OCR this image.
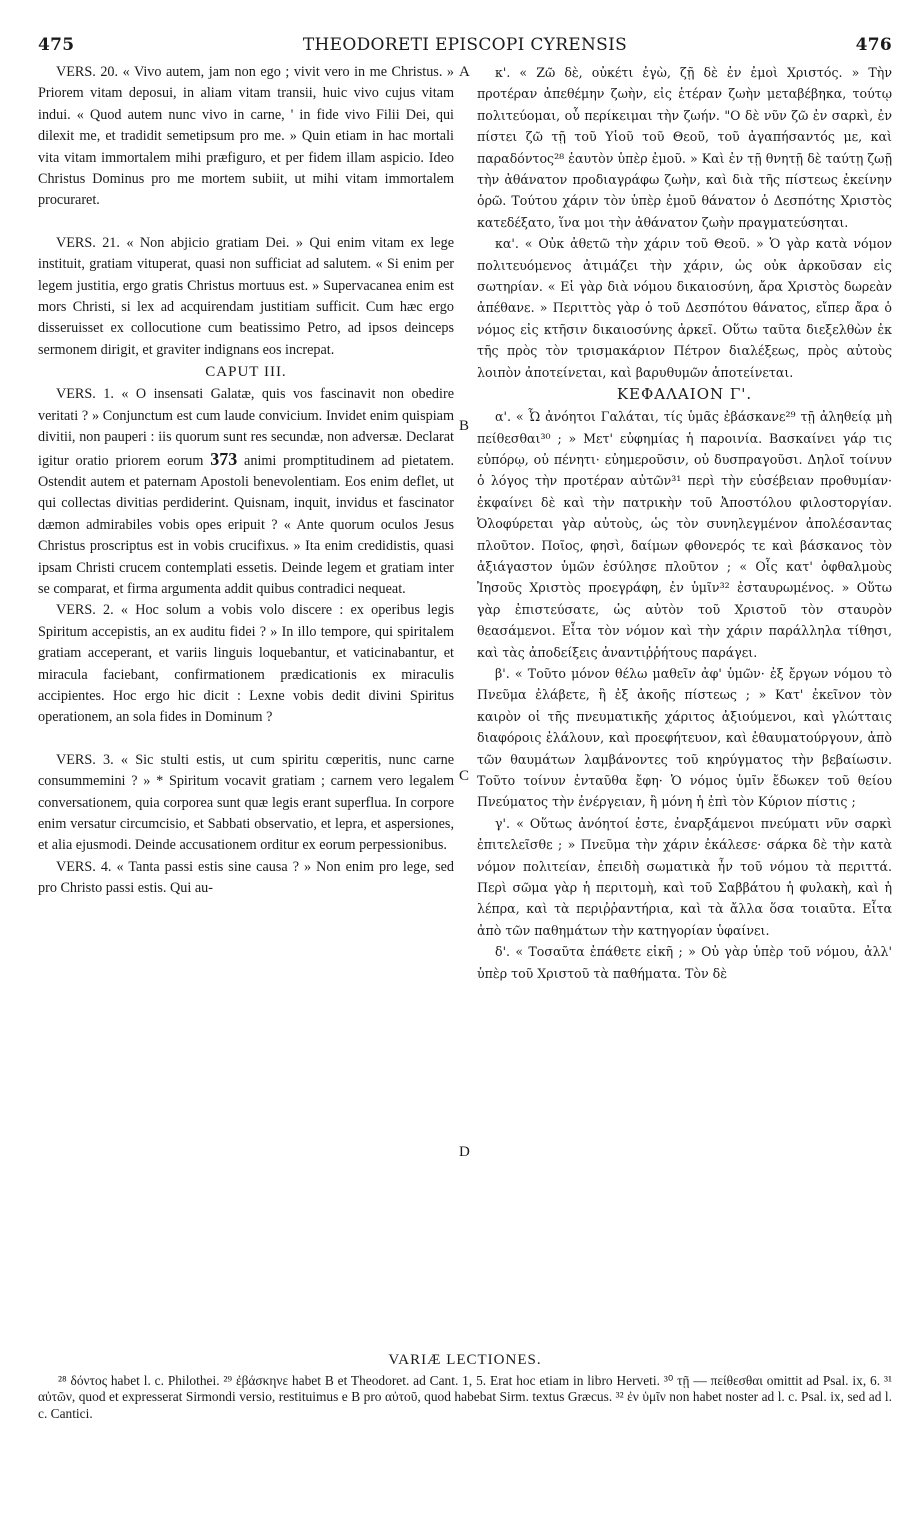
475	THEODORETI EPISCOPI CYRENSIS	476
A
B
C
D

VERS. 20. « Vivo autem, jam non ego ; vivit vero in me Christus. » Priorem vitam deposui, in aliam vitam transii, huic vivo cujus vitam indui. « Quod autem nunc vivo in carne, ' in fide vivo Filii Dei, qui dilexit me, et tradidit semetipsum pro me. » Quin etiam in hac mortali vita vitam immortalem mihi præfiguro, et per fidem illam aspicio. Ideo Christus Dominus pro me mortem subiit, ut mihi vitam immortalem procuraret.

VERS. 21. « Non abjicio gratiam Dei. » Qui enim vitam ex lege instituit, gratiam vituperat, quasi non sufficiat ad salutem. « Si enim per legem justitia, ergo gratis Christus mortuus est. » Supervacanea enim est mors Christi, si lex ad acquirendam justitiam sufficit. Cum hæc ergo disseruisset ex collocutione cum beatissimo Petro, ad ipsos deinceps sermonem dirigit, et graviter indignans eos increpat.

CAPUT III.

VERS. 1. « O insensati Galatæ, quis vos fascinavit non obedire veritati ? » Conjunctum est cum laude convicium. Invidet enim quispiam divitii, non pauperi : iis quorum sunt res secundæ, non adversæ. Declarat igitur oratio priorem eorum 373 animi promptitudinem ad pietatem. Ostendit autem et paternam Apostoli benevolentiam. Eos enim deflet, ut qui collectas divitias perdiderint. Quisnam, inquit, invidus et fascinator dæmon admirabiles vobis opes eripuit ? « Ante quorum oculos Jesus Christus proscriptus est in vobis crucifixus. » Ita enim credidistis, quasi ipsam Christi crucem contemplati essetis. Deinde legem et gratiam inter se comparat, et firma argumenta addit quibus contradici nequeat.

VERS. 2. « Hoc solum a vobis volo discere : ex operibus legis Spiritum accepistis, an ex auditu fidei ? » In illo tempore, qui spiritalem gratiam acceperant, et variis linguis loquebantur, et vaticinabantur, et miracula faciebant, confirmationem prædicationis ex miraculis accipientes. Hoc ergo hic dicit : Lexne vobis dedit divini Spiritus operationem, an sola fides in Dominum ?

VERS. 3. « Sic stulti estis, ut cum spiritu cœperitis, nunc carne consummemini ? » * Spiritum vocavit gratiam ; carnem vero legalem conversationem, quia corporea sunt quæ legis erant superflua. In corpore enim versatur circumcisio, et Sabbati observatio, et lepra, et aspersiones, et alia ejusmodi. Deinde accusationem orditur ex eorum perpessionibus.

VERS. 4. « Tanta passi estis sine causa ? » Non enim pro lege, sed pro Christo passi estis. Qui au-

κ'. « Ζῶ δὲ, οὐκέτι ἐγὼ, ζῇ δὲ ἐν ἐμοὶ Χριστός. » Τὴν προτέραν ἀπεθέμην ζωὴν, εἰς ἑτέραν ζωὴν μεταβέβηκα, τούτῳ πολιτεύομαι, οὗ περίκειμαι τὴν ζωήν. "Ο δὲ νῦν ζῶ ἐν σαρκὶ, ἐν πίστει ζῶ τῇ τοῦ Υἱοῦ τοῦ Θεοῦ, τοῦ ἀγαπήσαντός με, καὶ παραδόντος²⁸ ἑαυτὸν ὑπὲρ ἐμοῦ. » Καὶ ἐν τῇ θνητῇ δὲ ταύτῃ ζωῇ τὴν ἀθάνατον προδιαγράφω ζωὴν, καὶ διὰ τῆς πίστεως ἐκείνην ὁρῶ. Τούτου χάριν τὸν ὑπὲρ ἐμοῦ θάνατον ὁ Δεσπότης Χριστὸς κατεδέξατο, ἵνα μοι τὴν ἀθάνατον ζωὴν πραγματεύσηται.

κα'. « Οὐκ ἀθετῶ τὴν χάριν τοῦ Θεοῦ. » Ὁ γὰρ κατὰ νόμον πολιτευόμενος ἀτιμάζει τὴν χάριν, ὡς οὐκ ἀρκοῦσαν εἰς σωτηρίαν. « Εἰ γὰρ διὰ νόμου δικαιοσύνη, ἄρα Χριστὸς δωρεὰν ἀπέθανε. » Περιττὸς γὰρ ὁ τοῦ Δεσπότου θάνατος, εἴπερ ἄρα ὁ νόμος εἰς κτῆσιν δικαιοσύνης ἀρκεῖ. Οὕτω ταῦτα διεξελθὼν ἐκ τῆς πρὸς τὸν τρισμακάριον Πέτρον διαλέξεως, πρὸς αὐτοὺς λοιπὸν ἀποτείνεται, καὶ βαρυθυμῶν ἀποτείνεται.

ΚΕΦΑΛΑΙΟΝ Γ'.

α'. « Ὦ ἀνόητοι Γαλάται, τίς ὑμᾶς ἐβάσκανε²⁹ τῇ ἀληθείᾳ μὴ πείθεσθαι³⁰ ; » Μετ' εὐφημίας ἡ παροινία. Βασκαίνει γάρ τις εὐπόρῳ, οὐ πένητι· εὐημεροῦσιν, οὐ δυσπραγοῦσι. Δηλοῖ τοίνυν ὁ λόγος τὴν προτέραν αὐτῶν³¹ περὶ τὴν εὐσέβειαν προθυμίαν· ἐκφαίνει δὲ καὶ τὴν πατρικὴν τοῦ Ἀποστόλου φιλοστοργίαν. Ὀλοφύρεται γὰρ αὐτοὺς, ὡς τὸν συνηλεγμένον ἀπολέσαντας πλοῦτον. Ποῖος, φησὶ, δαίμων φθονερός τε καὶ βάσκανος τὸν ἀξιάγαστον ὑμῶν ἐσύλησε πλοῦτον ; « Οἷς κατ' ὀφθαλμοὺς Ἰησοῦς Χριστὸς προεγράφη, ἐν ὑμῖν³² ἐσταυρωμένος. » Οὕτω γὰρ ἐπιστεύσατε, ὡς αὐτὸν τοῦ Χριστοῦ τὸν σταυρὸν θεασάμενοι. Εἶτα τὸν νόμον καὶ τὴν χάριν παράλληλα τίθησι, καὶ τὰς ἀποδείξεις ἀναντιῤῥήτους παράγει.

β'. « Τοῦτο μόνον θέλω μαθεῖν ἀφ' ὑμῶν· ἐξ ἔργων νόμου τὸ Πνεῦμα ἐλάβετε, ἢ ἐξ ἀκοῆς πίστεως ; » Κατ' ἐκεῖνον τὸν καιρὸν οἱ τῆς πνευματικῆς χάριτος ἀξιούμενοι, καὶ γλώτταις διαφόροις ἐλάλουν, καὶ προεφήτευον, καὶ ἐθαυματούργουν, ἀπὸ τῶν θαυμάτων λαμβάνοντες τοῦ κηρύγματος τὴν βεβαίωσιν. Τοῦτο τοίνυν ἐνταῦθα ἔφη· Ὁ νόμος ὑμῖν ἔδωκεν τοῦ θείου Πνεύματος τὴν ἐνέργειαν, ἢ μόνη ἡ ἐπὶ τὸν Κύριον πίστις ;

γ'. « Οὕτως ἀνόητοί ἐστε, ἐναρξάμενοι πνεύματι νῦν σαρκὶ ἐπιτελεῖσθε ; » Πνεῦμα τὴν χάριν ἐκάλεσε· σάρκα δὲ τὴν κατὰ νόμον πολιτείαν, ἐπειδὴ σωματικὰ ἦν τοῦ νόμου τὰ περιττά. Περὶ σῶμα γὰρ ἡ περιτομὴ, καὶ τοῦ Σαββάτου ἡ φυλακὴ, καὶ ἡ λέπρα, καὶ τὰ περιῤῥαντήρια, καὶ τὰ ἄλλα ὅσα τοιαῦτα. Εἶτα ἀπὸ τῶν παθημάτων τὴν κατηγορίαν ὑφαίνει.

δ'. « Τοσαῦτα ἐπάθετε εἰκῆ ; » Οὐ γὰρ ὑπὲρ τοῦ νόμου, ἀλλ' ὑπὲρ τοῦ Χριστοῦ τὰ παθήματα. Τὸν δὲ

VARIÆ LECTIONES.

²⁸ δόντος habet l. c. Philothei. ²⁹ ἐβάσκηνε habet B et Theodoret. ad Cant. 1, 5. Erat hoc etiam in libro Herveti. ³⁰ τῇ — πείθεσθαι omittit ad Psal. ix, 6. ³¹ αὐτῶν, quod et expresserat Sirmondi versio, restituimus e B pro αὐτοῦ, quod habebat Sirm. textus Græcus. ³² ἐν ὑμῖν non habet noster ad l. c. Psal. ix, sed ad l. c. Cantici.
